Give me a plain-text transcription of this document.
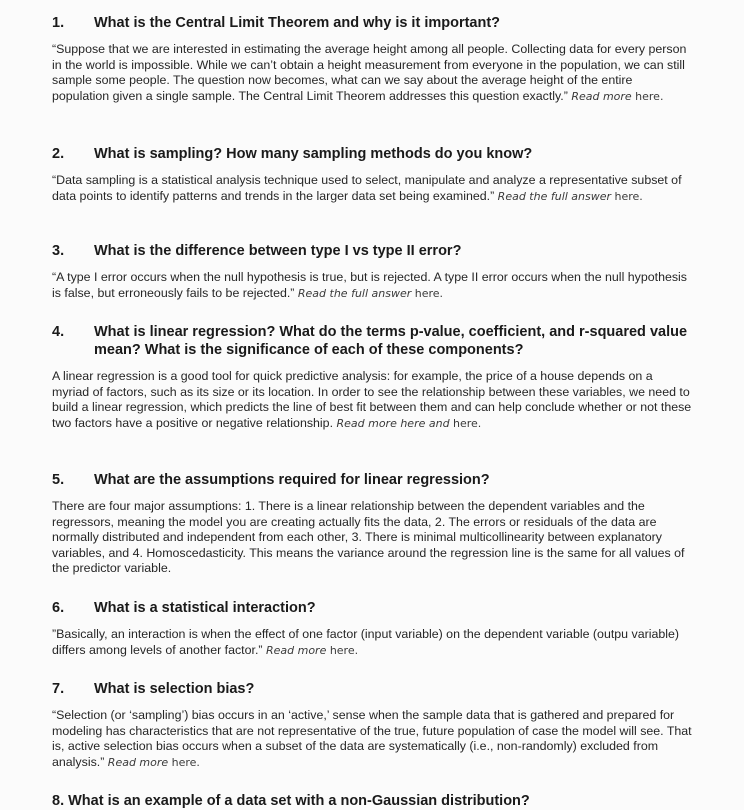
1.	What is the Central Limit Theorem and why is it important?
“Suppose that we are interested in estimating the average height among all people. Collecting data for every person in the world is impossible. While we can’t obtain a height measurement from everyone in the population, we can still sample some people. The question now becomes, what can we say about the average height of the entire population given a single sample. The Central Limit Theorem addresses this question exactly.” Read more here.
2.	What is sampling? How many sampling methods do you know?
“Data sampling is a statistical analysis technique used to select, manipulate and analyze a representative subset of data points to identify patterns and trends in the larger data set being examined.” Read the full answer here.
3.	What is the difference between type I vs type II error?
“A type I error occurs when the null hypothesis is true, but is rejected. A type II error occurs when the null hypothesis is false, but erroneously fails to be rejected.” Read the full answer here.
4.	What is linear regression? What do the terms p-value, coefficient, and r-squared value mean? What is the significance of each of these components?
A linear regression is a good tool for quick predictive analysis: for example, the price of a house depends on a myriad of factors, such as its size or its location. In order to see the relationship between these variables, we need to build a linear regression, which predicts the line of best fit between them and can help conclude whether or not these two factors have a positive or negative relationship. Read more here and here.
5.	What are the assumptions required for linear regression?
There are four major assumptions: 1. There is a linear relationship between the dependent variables and the regressors, meaning the model you are creating actually fits the data, 2. The errors or residuals of the data are normally distributed and independent from each other, 3. There is minimal multicollinearity between explanatory variables, and 4. Homoscedasticity. This means the variance around the regression line is the same for all values of the predictor variable.
6.	What is a statistical interaction?
”Basically, an interaction is when the effect of one factor (input variable) on the dependent variable (outpu variable) differs among levels of another factor.” Read more here.
7.	What is selection bias?
“Selection (or ‘sampling’) bias occurs in an ‘active,’ sense when the sample data that is gathered and prepared for modeling has characteristics that are not representative of the true, future population of case the model will see. That is, active selection bias occurs when a subset of the data are systematically (i.e., non-randomly) excluded from analysis.” Read more here.
8. What is an example of a data set with a non-Gaussian distribution?
